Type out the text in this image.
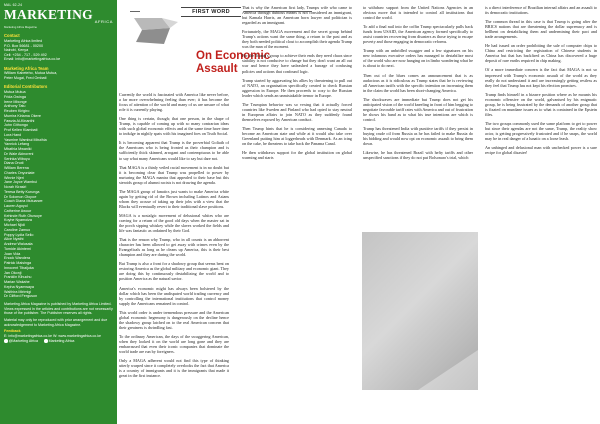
MAL 62-24
MARKETING AFRICA
Marketing Africa Magazine
Contact
Marketing Africa limited
P.O. Box 56681 - 00200
Nairobi, Kenya
Cell: +254 - 717 - 529 492
Email: Info@marketingafrica.co.ke
Marketing Africa Team
William Kabeteho, Mutua Mutua,
Peter Mugai, Fred Ombati
Editorial Contributors
Mutua Mutua
Frida Owinga
Irene Mbonge
Anthony Tatu
Reuben Kirigiro
Mumira Kiriama Okere
Fawzia Al-Kinanthi
John Githongo
Prof Kellen Kiambati
Lora Hand
Yasmine Wambui Mbuthia
Yannick Lefang
Mbathia Mwaniki
Dr Wale Akinoreni
Serinka Wiboyu
Diana Onoti
William Berena
Charles Onyoniate
Winnie Njeri
Jane Joyce Wambui
Norah Kirasiri
Teresa Betty Kurunga
Dr Solomon Olopoe
Coach Diana Mutuarwe
Lauren Agoyol
Catherine Awour
Kehinde Ruth Otuwoye
Koyhe Nyamoiza
Michael Njidi
Caroline Zamuo
Poppy Lydia Sello
Alice Nyathi
Andrew Walusala
Tomide Akintemi
Joan Vida
Enock Wandera
Patrick Maisinga
Innocent Tibaijuka
Jan Okonji
Franklin Kihuchu
Marian Wakahe
Kepha Nyamwaya
Waithira Mirimigi
Dr Clifford Ferguson
Marketing Africa Magazine is published by Marketing Africa Limited. Views expressed in the articles and contributions are not necessarily those of the publisher. The Publisher reserves all rights.
Material may only be reproduced with prior arrangement and due acknowledgement to Marketing Africa Magazine.
Feedback
E: info@marketingafrica.co.ke W: www.marketingafrica.co.ke
@Marketing Africa	Marketing Africa
FIRST WORD
On Economic Assault

Currently the world is fascinated with America like never before, a far more overwhelming feeling than ever; it has become the focus of attention of the world and many of us are unsure of what role it is currently playing.

One thing is certain, though; that one person, in the shape of Trump, is capable of coming up with so many contrarian ideas with such global economic effects and at the same time have time to indulge in nightly spats with his imagined foes on Truth Social.

It is becoming apparent that Trump is the proverbial Goliath of the Americans who is being fronted as their champion and is sufficiently thick skinned, arrogant and contemptuous to be able to say what many Americans would like to say but dare not.

That MAGA is a thinly veiled racial movement is in no doubt but it is becoming clear that Trump was propelled to power by nurturing the MAGA mantra that appealed to their base but this steroids group of alumni racists is not drawing the agenda.

The MAGA group of fanatics just wants to make America white again by getting rid of the Brown including Latinos and Asians whom they accuse of taking up their jobs with a view that the Blacks will eventually revert to their traditional slave positions.

MAGA is a nostalgic movement of delusional whites who are craving for a return of the good old days when the master sat in the porch sipping whiskey while the slaves worked the fields and life was fantastic as ordained by their God.

That is the reason why Trump, who in all counts is an abhorrent character has been allowed to get away with crimes even by the Evangelicals as long as he cleans up America, this is their best champion and they are during the world.

But Trump is also a front for a shadowy group that seems bent on restoring America as the global military and economic giant. They are doing this by continuously destabilizing the world and to position America as the natural savior.

America's economic might has always been bolstered by the dollar which has been the undisputed world trading currency and by controlling the international institutions that control money supply the Americans remained in control.

This world order is under tremendous pressure and the American global economic hegemony is dangerously on the decline hence the shadowy group latched on to the real American concern that their greatness is dwindling fast.

To the ordinary American, the days of the swaggering American, when they looked it on the world are long gone and they are embarrassed that even their iconic companies that dominate the world trade are run by foreigners.

Only a MAGA adherent would not find this type of thinking utterly warped since it completely overlooks the fact that America is a country of immigrants and it is the immigrants that made it great in the first instance.

That is why the American first lady, Trumps wife who came to America through dubious means is not considered an immigrant, but Kamala Harris, an American born lawyer and politician is regarded as an immigrant.

Fortunately, the MAGA movement and the secret group behind Trump's actions want the same thing, a return to the past and as they both needed political clout to accomplish their agenda Trump was the man of the moment.

For the Trump's group to achieve their ends they need chaos since stability is not conducive to change but they don't want an all out war and hence they have unleashed a barrage of confusing policies and actions that confound logic.

Trump started by aggravating his allies by threatening to pull out of NATO, an organisation specifically created to check Russian aggression in Europe. He then proceeds to cozy to the Russian leader which sends an unmistakable tremor in Europe.

The Trumpian behavior was so vexing that it actually forced countries like Sweden and Finland who had opted to stay neutral in European affairs to join NATO as they suddenly found themselves exposed by American conduct.

Then Trump hints that he is considering annexing Canada to become an American state and while at it would also take over Greenland putting him at loggerheads with Denmark. As an icing on the cake, he threatens to take back the Panama Canal.

He then withdraws support for the global institution on global warming and starts

to withdraw support from the United Nations Agencies in an obvious move that is intended to control all institutions that control the world.

To add a final nail into the coffin Trump spectacularly pulls back funds from USAID, the American agency formed specifically to assist countries recovering from disasters as those trying to escape poverty and those engaging in democratic reforms.

Trump with an unbridled swagger and a few signatures on his new infamous executive orders has managed to destabilize most of the world who are now hanging on in limbo wondering what he is about to do next.

Then out of the blues comes an announcement that is as audacious as it is ridiculous as Trump states that he is reviewing all American tariffs with the specific intention on increasing them in the claim the world has been short-changing America.

The shockwaves are immediate but Trump does not get his anticipated vision of the world kneeling in front of him begging to negotiate favorable tariff rates with America and out of frustration he shows his hand as to what his true intentions are which is control.

Trump has threatened India with punitive tariffs if they persist in buying crude oil from Russia as he has failed to make Russia do his bidding and would now opt on economic assault to bring them down.

Likewise, he has threatened Brazil with hefty tariffs and other unspecified sanctions if they do not put Bolsonaro's trial, which

is a direct interference of Brazilian internal affairs and an assault to its democratic institutions.

The common thread in this case is that Trump is going after the BRICS nations that are threatening the dollar supremacy and is hellbent on destabilizing them and undermining their pact and trade arrangements.

He had issued an order prohibiting the sale of computer chips to China and restricting the registration of Chinese students in America but that has backfired as China has discovered a huge deposit of rare earths required in chip making.

Of a more immediate concern is the fact that MAGA is not so impressed with Trump's economic assault of the world as they really do not understand it and are increasingly getting restless as they feel that Trump has not kept his election promises.

Trump finds himself in a bizarre position where as he mounts his economic offensive on the world, galvanised by his enigmatic group, he is being frustrated by the demands of another group that is fixated on mundane issues as to what is contained in the Epstein files.

The two groups commonly used the same platform to get to power but since their agendas are not the same, Trump, the reality show actor, is getting progressively frustrated and if he snaps, the world may be in real danger of a lunatic on a loose leash.

An unhinged and delusional man with unchecked power is a sure recipe for global disaster!
